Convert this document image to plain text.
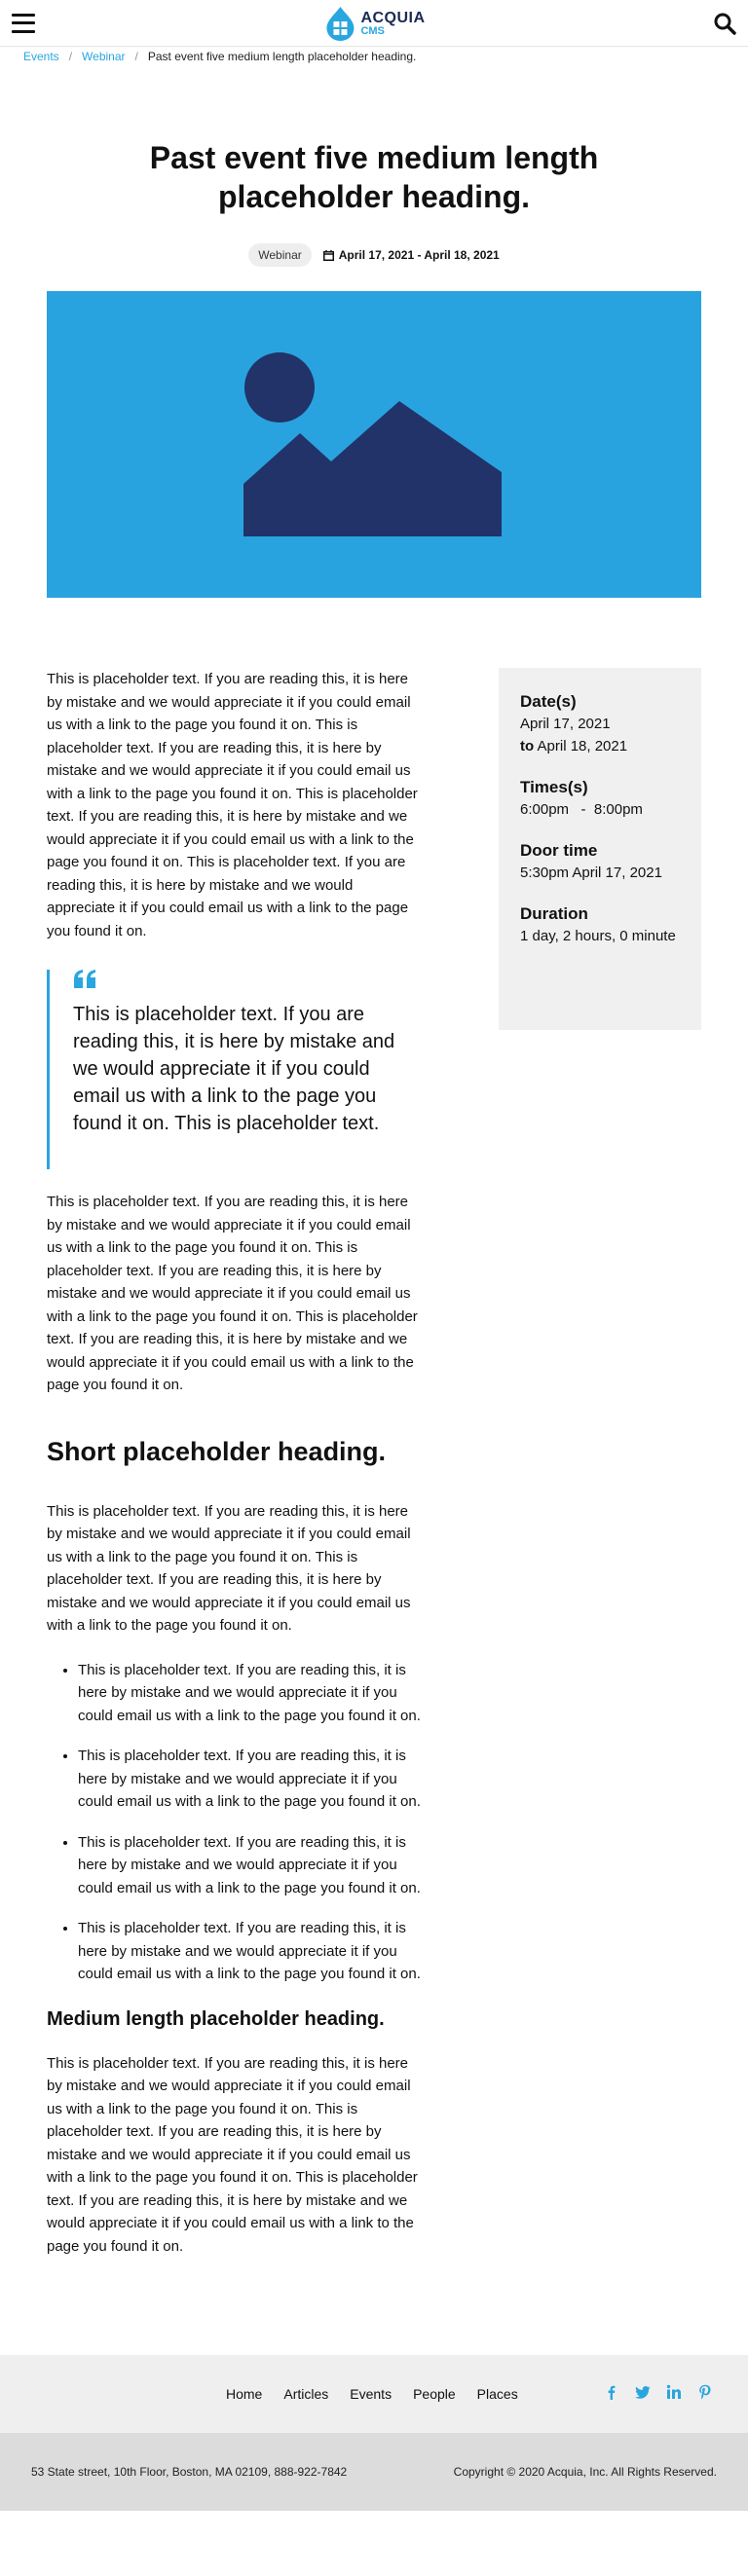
ACQUIA
CMS
Events / Webinar / Past event five medium length placeholder heading.
Past event five medium length placeholder heading.
Webinar	April 17, 2021 - April 18, 2021

This is placeholder text. If you are reading this, it is here by mistake and we would appreciate it if you could email us with a link to the page you found it on. This is placeholder text. If you are reading this, it is here by mistake and we would appreciate it if you could email us with a link to the page you found it on. This is placeholder text. If you are reading this, it is here by mistake and we would appreciate it if you could email us with a link to the page you found it on. This is placeholder text. If you are reading this, it is here by mistake and we would appreciate it if you could email us with a link to the page you found it on.

This is placeholder text. If you are reading this, it is here by mistake and we would appreciate it if you could email us with a link to the page you found it on. This is placeholder text.

This is placeholder text. If you are reading this, it is here by mistake and we would appreciate it if you could email us with a link to the page you found it on. This is placeholder text. If you are reading this, it is here by mistake and we would appreciate it if you could email us with a link to the page you found it on. This is placeholder text. If you are reading this, it is here by mistake and we would appreciate it if you could email us with a link to the page you found it on.

Short placeholder heading.

This is placeholder text. If you are reading this, it is here by mistake and we would appreciate it if you could email us with a link to the page you found it on. This is placeholder text. If you are reading this, it is here by mistake and we would appreciate it if you could email us with a link to the page you found it on.

• This is placeholder text. If you are reading this, it is here by mistake and we would appreciate it if you could email us with a link to the page you found it on.
• This is placeholder text. If you are reading this, it is here by mistake and we would appreciate it if you could email us with a link to the page you found it on.
• This is placeholder text. If you are reading this, it is here by mistake and we would appreciate it if you could email us with a link to the page you found it on.
• This is placeholder text. If you are reading this, it is here by mistake and we would appreciate it if you could email us with a link to the page you found it on.
Medium length placeholder heading.

This is placeholder text. If you are reading this, it is here by mistake and we would appreciate it if you could email us with a link to the page you found it on. This is placeholder text. If you are reading this, it is here by mistake and we would appreciate it if you could email us with a link to the page you found it on. This is placeholder text. If you are reading this, it is here by mistake and we would appreciate it if you could email us with a link to the page you found it on.

Date(s)
April 17, 2021
to April 18, 2021
Times(s)
6:00pm   -  8:00pm
Door time
5:30pm April 17, 2021
Duration
1 day, 2 hours, 0 minute
Home Articles Events People Places
53 State street, 10th Floor, Boston, MA 02109, 888-922-7842	Copyright © 2020 Acquia, Inc. All Rights Reserved.
